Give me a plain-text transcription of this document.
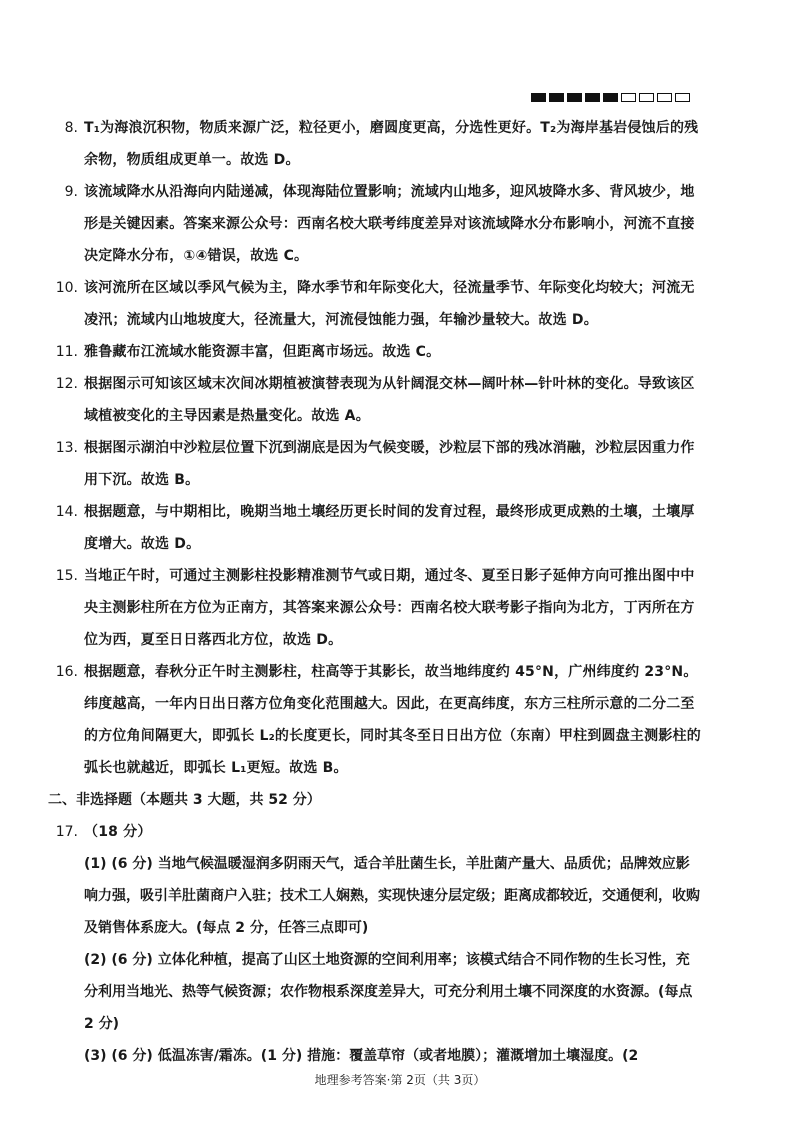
8. T₁为海浪沉积物，物质来源广泛，粒径更小，磨圆度更高，分选性更好。T₂为海岸基岩侵蚀后的残余物，物质组成更单一。故选 D。
9. 该流域降水从沿海向内陆递减，体现海陆位置影响；流域内山地多，迎风坡降水多、背风坡少，地形是关键因素。答案来源公众号：西南名校大联考纬度差异对该流域降水分布影响小，河流不直接决定降水分布，①④错误，故选 C。
10. 该河流所在区域以季风气候为主，降水季节和年际变化大，径流量季节、年际变化均较大；河流无凌汛；流域内山地坡度大，径流量大，河流侵蚀能力强，年输沙量较大。故选 D。
11. 雅鲁藏布江流域水能资源丰富，但距离市场远。故选 C。
12. 根据图示可知该区域末次间冰期植被演替表现为从针阔混交林—阔叶林—针叶林的变化。导致该区域植被变化的主导因素是热量变化。故选 A。
13. 根据图示湖泊中沙粒层位置下沉到湖底是因为气候变暖，沙粒层下部的残冰消融，沙粒层因重力作用下沉。故选 B。
14. 根据题意，与中期相比，晚期当地土壤经历更长时间的发育过程，最终形成更成熟的土壤，土壤厚度增大。故选 D。
15. 当地正午时，可通过主测影柱投影精准测节气或日期，通过冬、夏至日影子延伸方向可推出图中中央主测影柱所在方位为正南方，其答案来源公众号：西南名校大联考影子指向为北方，丁丙所在方位为西，夏至日日落西北方位，故选 D。
16. 根据题意，春秋分正午时主测影柱，柱高等于其影长，故当地纬度约 45°N，广州纬度约 23°N。纬度越高，一年内日出日落方位角变化范围越大。因此，在更高纬度，东方三柱所示意的二分二至的方位角间隔更大，即弧长 L₂的长度更长，同时其冬至日日出方位（东南）甲柱到圆盘主测影柱的弧长也就越近，即弧长 L₁更短。故选 B。
二、非选择题（本题共 3 大题，共 52 分）
17. （18 分）
(1) (6 分) 当地气候温暖湿润多阴雨天气，适合羊肚菌生长，羊肚菌产量大、品质优；品牌效应影响力强，吸引羊肚菌商户入驻；技术工人娴熟，实现快速分层定级；距离成都较近，交通便利，收购及销售体系庞大。(每点 2 分，任答三点即可)
(2) (6 分) 立体化种植，提高了山区土地资源的空间利用率；该模式结合不同作物的生长习性，充分利用当地光、热等气候资源；农作物根系深度差异大，可充分利用土壤不同深度的水资源。(每点 2 分)
(3) (6 分) 低温冻害/霜冻。(1 分) 措施：覆盖草帘（或者地膜）；灌溉增加土壤湿度。(2
地理参考答案·第 2页（共 3页）
